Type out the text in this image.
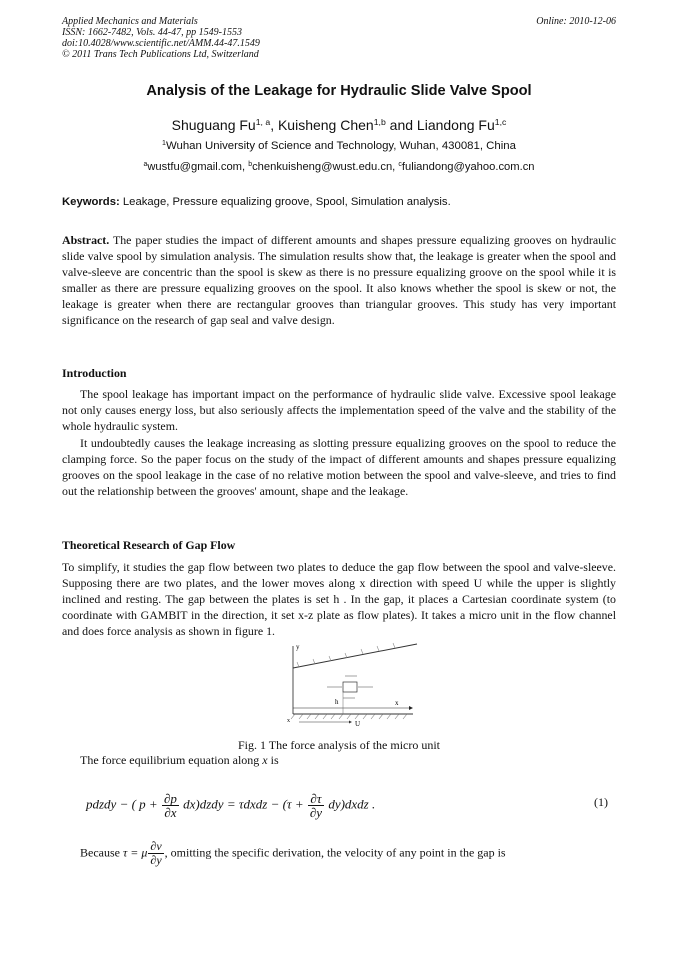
Applied Mechanics and Materials
ISSN: 1662-7482, Vols. 44-47, pp 1549-1553
doi:10.4028/www.scientific.net/AMM.44-47.1549
© 2011 Trans Tech Publications Ltd, Switzerland
Online: 2010-12-06
Analysis of the Leakage for Hydraulic Slide Valve Spool
Shuguang Fu$^{1, a}$, Kuisheng Chen$^{1,b}$ and Liandong Fu$^{1,c}$
$^1$Wuhan University of Science and Technology, Wuhan, 430081, China
$^a$wustfu@gmail.com, $^b$chenkuisheng@wust.edu.cn, $^c$fuliandong@yahoo.com.cn
Keywords: Leakage, Pressure equalizing groove, Spool, Simulation analysis.
Abstract. The paper studies the impact of different amounts and shapes pressure equalizing grooves on hydraulic slide valve spool by simulation analysis. The simulation results show that, the leakage is greater when the spool and valve-sleeve are concentric than the spool is skew as there is no pressure equalizing groove on the spool while it is smaller as there are pressure equalizing grooves on the spool. It also knows whether the spool is skew or not, the leakage is greater when there are rectangular grooves than triangular grooves. This study has very important significance on the research of gap seal and valve design.
Introduction
The spool leakage has important impact on the performance of hydraulic slide valve. Excessive spool leakage not only causes energy loss, but also seriously affects the implementation speed of the valve and the stability of the whole hydraulic system.
It undoubtedly causes the leakage increasing as slotting pressure equalizing grooves on the spool to reduce the clamping force. So the paper focus on the study of the impact of different amounts and shapes pressure equalizing grooves on the spool leakage in the case of no relative motion between the spool and valve-sleeve, and tries to find out the relationship between the grooves' amount, shape and the leakage.
Theoretical Research of Gap Flow
To simplify, it studies the gap flow between two plates to deduce the gap flow between the spool and valve-sleeve. Supposing there are two plates, and the lower moves along x direction with speed U while the upper is slightly inclined and resting. The gap between the plates is set h . In the gap, it places a Cartesian coordinate system (to coordinate with GAMBIT in the direction, it set x-z plate as flow plates). It takes a micro unit in the flow channel and does force analysis as shown in figure 1.
y
x
h
U
x
Fig. 1 The force analysis of the micro unit
The force equilibrium equation along x is
pdzdy − ( $p + \frac{\partial p}{\partial x}$ dx)dzdy = τdxdz − ($\tau + \frac{\partial\tau}{\partial y}$ dy)dxdz .	(1)
Because τ = μ $\frac{\partial v}{\partial y}$ , omitting the specific derivation, the velocity of any point in the gap is
